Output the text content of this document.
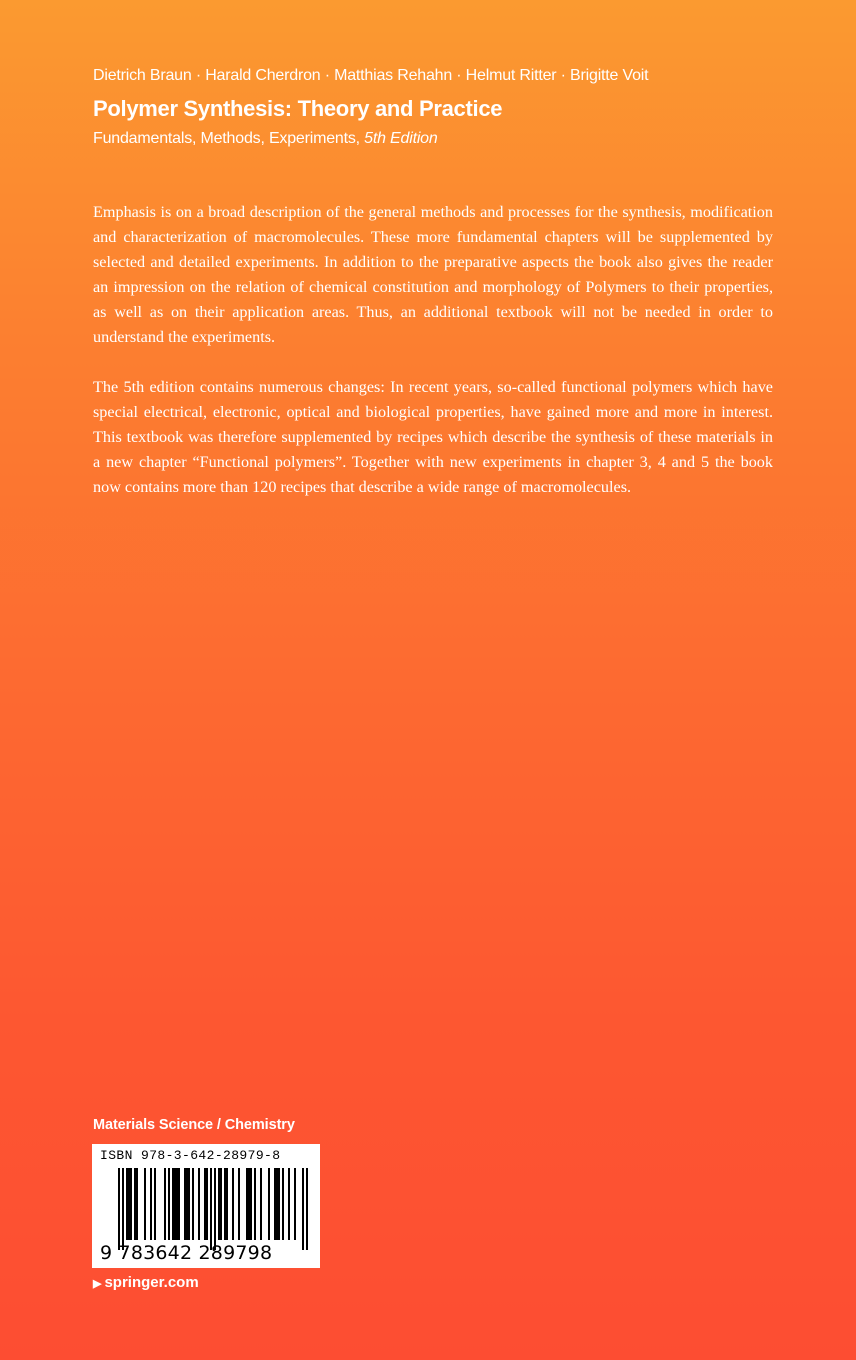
Dietrich Braun · Harald Cherdron · Matthias Rehahn · Helmut Ritter · Brigitte Voit
Polymer Synthesis: Theory and Practice
Fundamentals, Methods, Experiments, 5th Edition

Emphasis is on a broad description of the general methods and processes for the synthesis, modification and characterization of macromolecules. These more fundamental chapters will be supplemented by selected and detailed experiments. In addition to the preparative aspects the book also gives the reader an impression on the relation of chemical constitution and morphology of Polymers to their properties, as well as on their application areas. Thus, an additional textbook will not be needed in order to understand the experiments.

The 5th edition contains numerous changes: In recent years, so-called functional polymers which have special electrical, electronic, optical and biological properties, have gained more and more in interest. This textbook was therefore supplemented by recipes which describe the synthesis of these materials in a new chapter “Functional polymers”. Together with new experiments in chapter 3, 4 and 5 the book now contains more than 120 recipes that describe a wide range of macromolecules.

Materials Science / Chemistry
ISBN 978-3-642-28979-8
9 783642 289798
▶ springer.com
